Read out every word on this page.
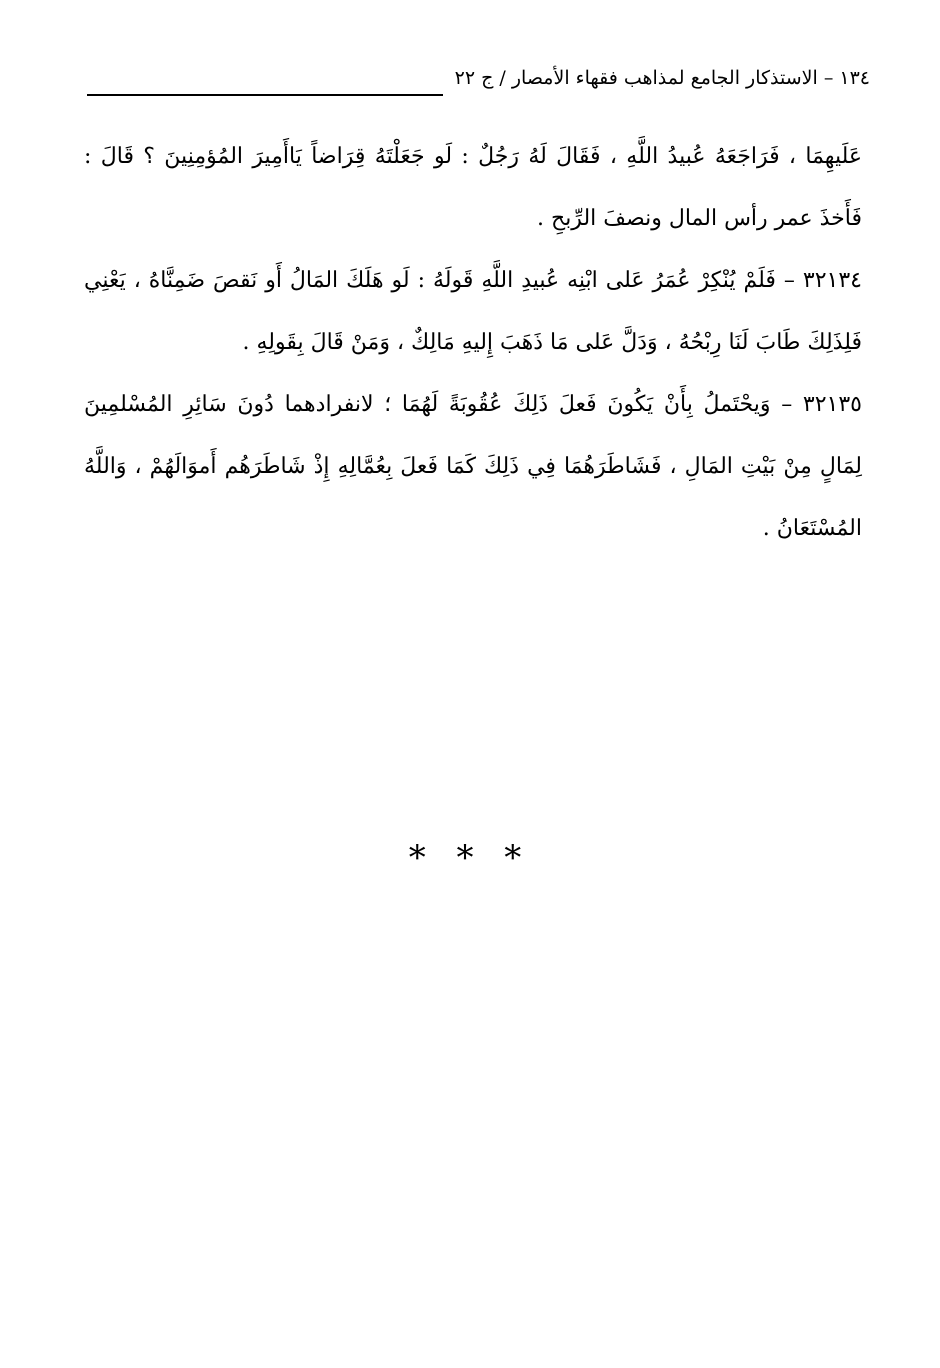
١٣٤ – الاستذكار الجامع لمذاهب فقهاء الأمصار / ج ٢٢

عَلَيهِمَا ، فَرَاجَعَهُ عُبيدُ اللَّهِ ، فَقَالَ لَهُ رَجُلٌ : لَو جَعَلْتَهُ قِرَاضاً يَاأَمِيرَ المُؤمِنِينَ ؟ قَالَ : فَأَخذَ عمر رأس المال ونصفَ الرِّبحِ .

٣٢١٣٤ – فَلَمْ يُنْكِرْ عُمَرُ عَلى ابْنِه عُبيدِ اللَّهِ قَولَهُ : لَو هَلَكَ المَالُ أَو نَقصَ ضَمِنَّاهُ ، يَعْنِي فَلِذَلِكَ طَابَ لَنَا رِبْحُهُ ، وَدَلَّ عَلى مَا ذَهَبَ إِليهِ مَالِكٌ ، وَمَنْ قَالَ بِقَولِهِ .

٣٢١٣٥ – وَيحْتَملُ بِأَنْ يَكُونَ فَعلَ ذَلِكَ عُقُوبَةً لَهُمَا ؛ لانفرادهما دُونَ سَائِرِ المُسْلمِينَ لِمَالٍ مِنْ بَيْتِ المَالِ ، فَشَاطَرَهُمَا فِي ذَلِكَ كَمَا فَعلَ بِعُمَّالِهِ إِذْ شَاطَرَهُم أَموَالَهُمْ ، وَاللَّهُ المُسْتَعَانُ .

* * *
